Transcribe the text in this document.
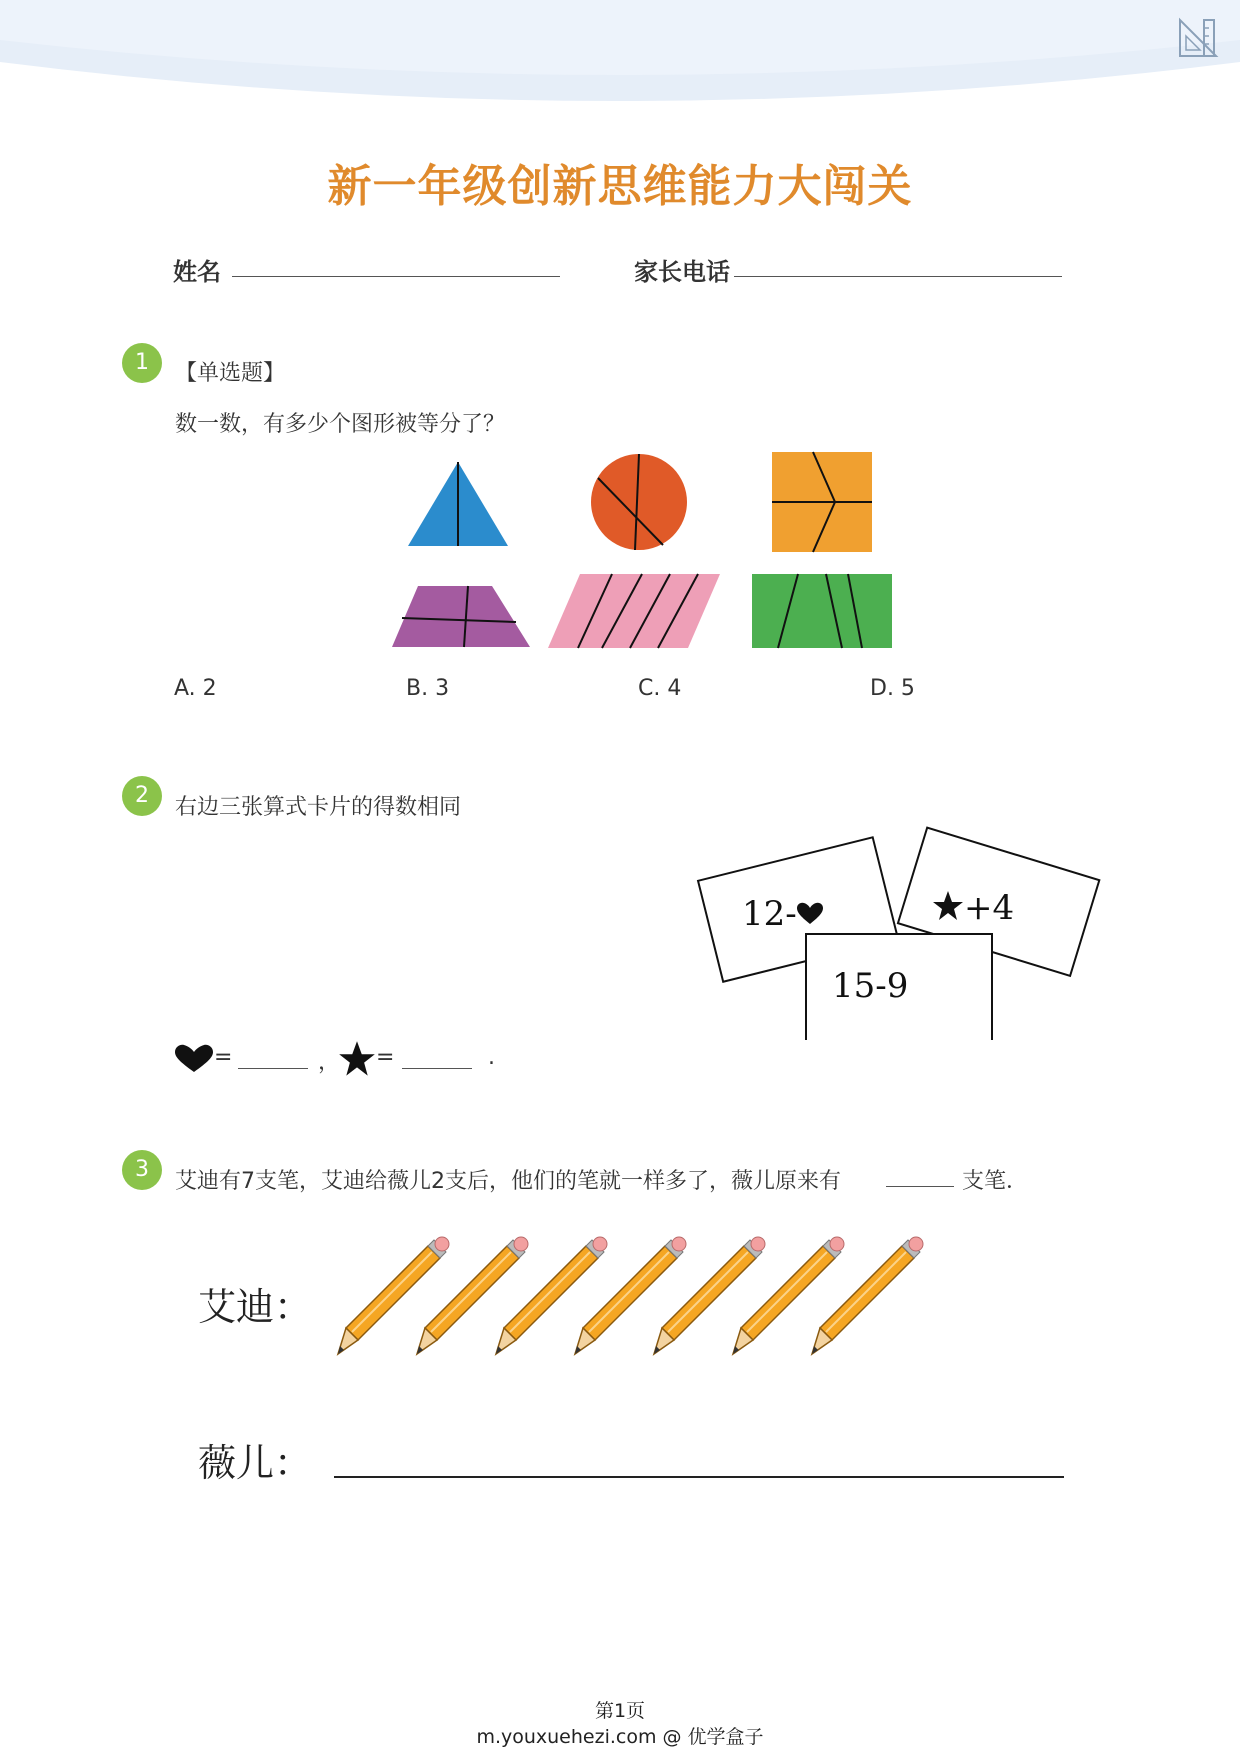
新一年级创新思维能力大闯关
姓名	家长电话
1	【单选题】
数一数，有多少个图形被等分了？
A. 2	B. 3	C. 4	D. 5
2	右边三张算式卡片的得数相同
12-	+4
15-9
=	， =	.
3	艾迪有7支笔，艾迪给薇儿2支后，他们的笔就一样多了，薇儿原来有	支笔．
艾迪：
薇儿：
第1页
m.youxuehezi.com @ 优学盒子
